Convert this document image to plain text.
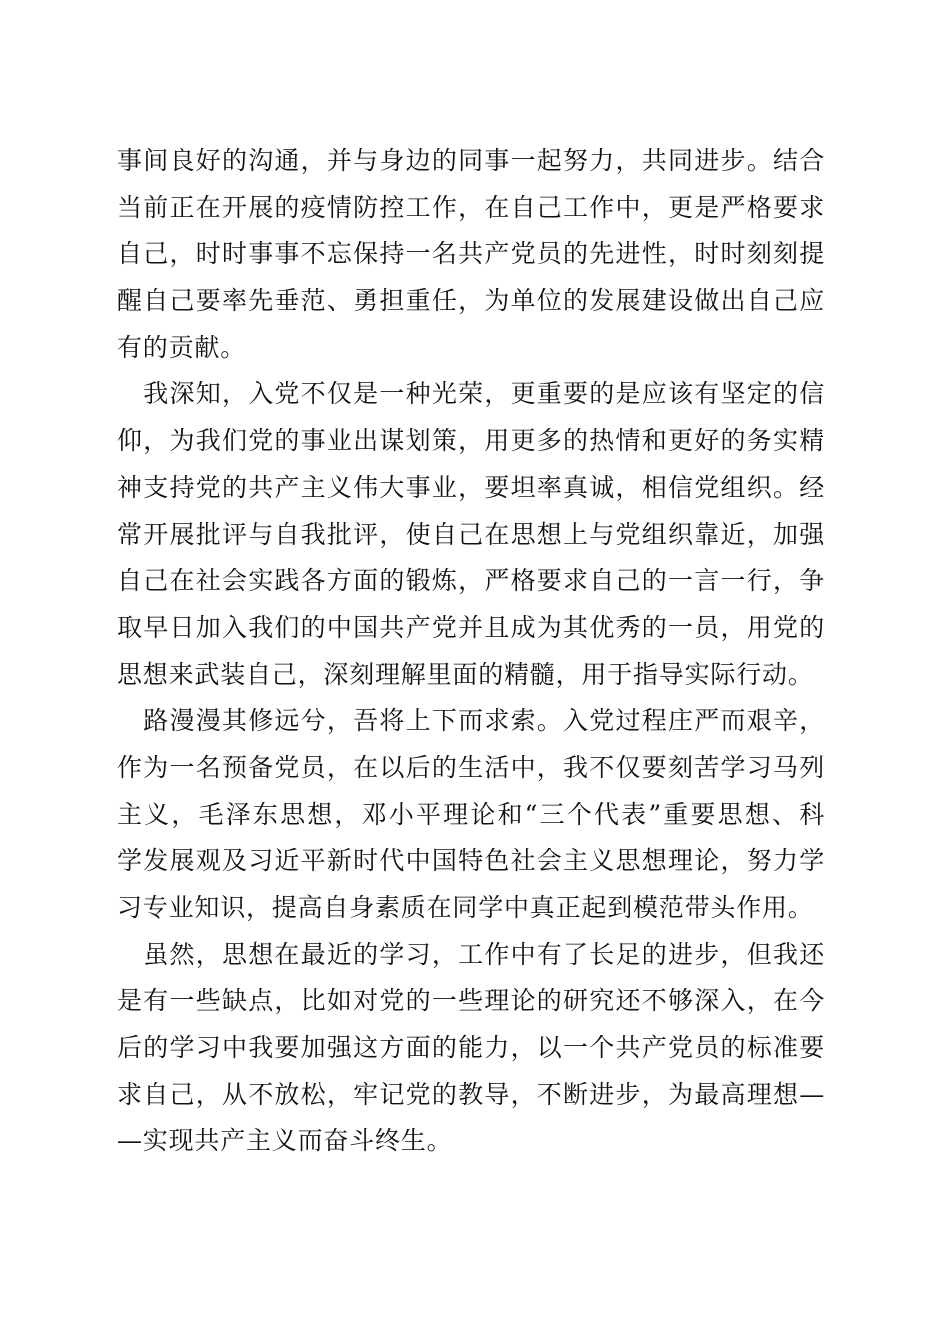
事间良好的沟通，并与身边的同事一起努力，共同进步。结合
当前正在开展的疫情防控工作，在自己工作中，更是严格要求
自己，时时事事不忘保持一名共产党员的先进性，时时刻刻提
醒自己要率先垂范、勇担重任，为单位的发展建设做出自己应
有的贡献。
　我深知，入党不仅是一种光荣，更重要的是应该有坚定的信
仰，为我们党的事业出谋划策，用更多的热情和更好的务实精
神支持党的共产主义伟大事业，要坦率真诚，相信党组织。经
常开展批评与自我批评，使自己在思想上与党组织靠近，加强
自己在社会实践各方面的锻炼，严格要求自己的一言一行，争
取早日加入我们的中国共产党并且成为其优秀的一员，用党的
思想来武装自己，深刻理解里面的精髓，用于指导实际行动。
　路漫漫其修远兮，吾将上下而求索。入党过程庄严而艰辛，
作为一名预备党员，在以后的生活中，我不仅要刻苦学习马列
主义，毛泽东思想，邓小平理论和“三个代表”重要思想、科
学发展观及习近平新时代中国特色社会主义思想理论，努力学
习专业知识，提高自身素质在同学中真正起到模范带头作用。
　虽然，思想在最近的学习，工作中有了长足的进步，但我还
是有一些缺点，比如对党的一些理论的研究还不够深入，在今
后的学习中我要加强这方面的能力，以一个共产党员的标准要
求自己，从不放松，牢记党的教导，不断进步，为最高理想—
—实现共产主义而奋斗终生。
